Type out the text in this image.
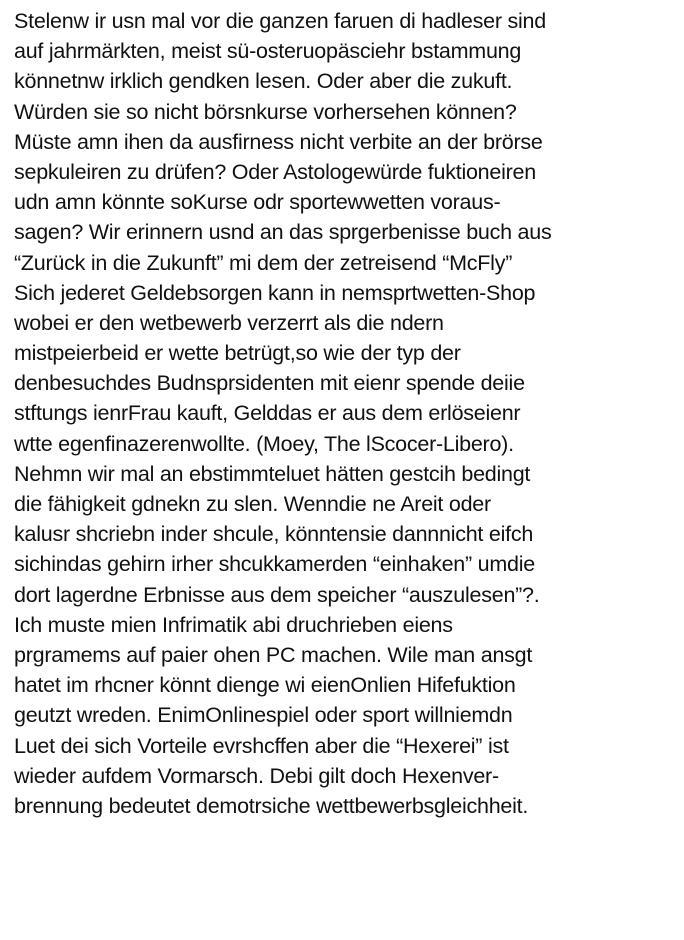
Stelenw ir usn mal vor die ganzen faruen di hadleser sind
auf jahrmärkten, meist sü-osteruopäsciehr bstammung
könnetnw irklich gendken lesen. Oder aber die zukuft.
Würden sie so nicht börsnkurse vorhersehen können?
Müste amn ihen da ausfirness nicht verbite an der brörse
sepkuleiren zu drüfen? Oder Astologewürde fuktioneiren
udn amn könnte soKurse odr sportewwetten voraus-
sagen? Wir erinnern usnd an das sprgerbenisse buch aus
“Zurück in die Zukunft” mi dem der zetreisend “McFly”
Sich jederet Geldebsorgen kann in nemsprtwetten-Shop
wobei er den wetbewerb verzerrt als die ndern
mistpeierbeid er wette betrügt,so wie der typ der
denbesuchdes Budnsprsidenten mit eienr spende deiie
stftungs ienrFrau kauft, Gelddas er aus dem erlöseienr
wtte egenfinazerenwollte. (Moey, The lScocer-Libero).
Nehmn wir mal an ebstimmteluet hätten gestcih bedingt
die fähigkeit gdnekn zu slen. Wenndie ne Areit oder
kalusr shcriebn inder shcule, könntensie dannnicht eifch
sichindas gehirn irher shcukkamerden “einhaken” umdie
dort lagerdne Erbnisse aus dem speicher “auszulesen”?.
Ich muste mien Infrimatik abi druchrieben eiens
prgramems auf paier ohen PC machen. Wile man ansgt
hatet im rhcner könnt dienge wi eienOnlien Hifefuktion
geutzt wreden. EnimOnlinespiel oder sport willniemdn
Luet dei sich Vorteile evrshcffen aber die “Hexerei” ist
wieder aufdem Vormarsch. Debi gilt doch Hexenver-
brennung bedeutet demotrsiche wettbewerbsgleichheit.
